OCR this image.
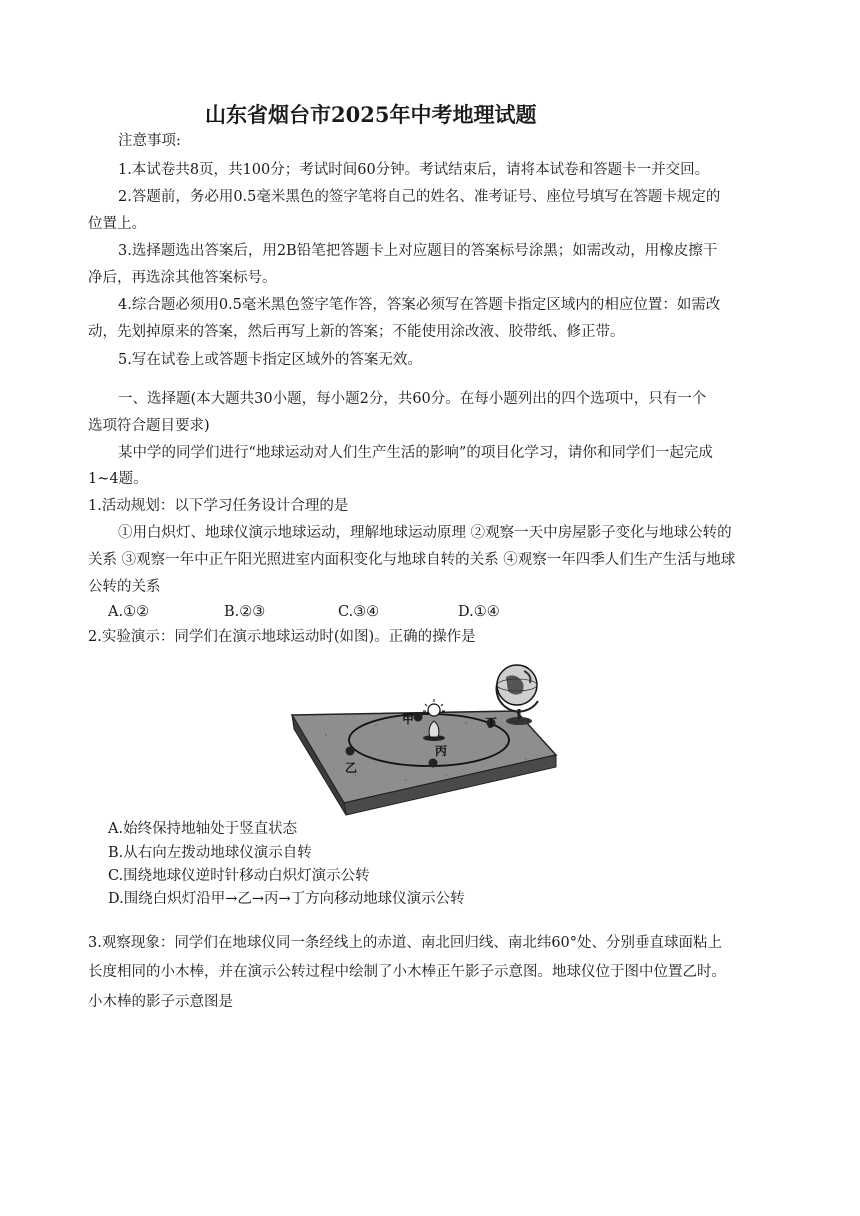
山东省烟台市2025年中考地理试题
注意事项:
1.本试卷共8页，共100分；考试时间60分钟。考试结束后，请将本试卷和答题卡一并交回。
2.答题前，务必用0.5毫米黑色的签字笔将自己的姓名、准考证号、座位号填写在答题卡规定的
位置上。
3.选择题选出答案后，用2B铅笔把答题卡上对应题目的答案标号涂黑；如需改动，用橡皮擦干
净后，再选涂其他答案标号。
4.综合题必须用0.5毫米黑色签字笔作答，答案必须写在答题卡指定区域内的相应位置：如需改
动，先划掉原来的答案，然后再写上新的答案；不能使用涂改液、胶带纸、修正带。
5.写在试卷上或答题卡指定区域外的答案无效。
一、选择题(本大题共30小题，每小题2分，共60分。在每小题列出的四个选项中，只有一个
选项符合题目要求)
某中学的同学们进行“地球运动对人们生产生活的影响”的项目化学习，请你和同学们一起完成
1~4题。
1.活动规划：以下学习任务设计合理的是
①用白炽灯、地球仪演示地球运动，理解地球运动原理 ②观察一天中房屋影子变化与地球公转的
关系 ③观察一年中正午阳光照进室内面积变化与地球自转的关系 ④观察一年四季人们生产生活与地球
公转的关系
A.①②	B.②③	C.③④	D.①④
2.实验演示：同学们在演示地球运动时(如图)。正确的操作是
甲
乙
丙
丁
A.始终保持地轴处于竖直状态
B.从右向左拨动地球仪演示自转
C.围绕地球仪逆时针移动白炽灯演示公转
D.围绕白炽灯沿甲→乙→丙→丁方向移动地球仪演示公转
3.观察现象：同学们在地球仪同一条经线上的赤道、南北回归线、南北纬60°处、分别垂直球面粘上
长度相同的小木棒，并在演示公转过程中绘制了小木棒正午影子示意图。地球仪位于图中位置乙时。
小木棒的影子示意图是
